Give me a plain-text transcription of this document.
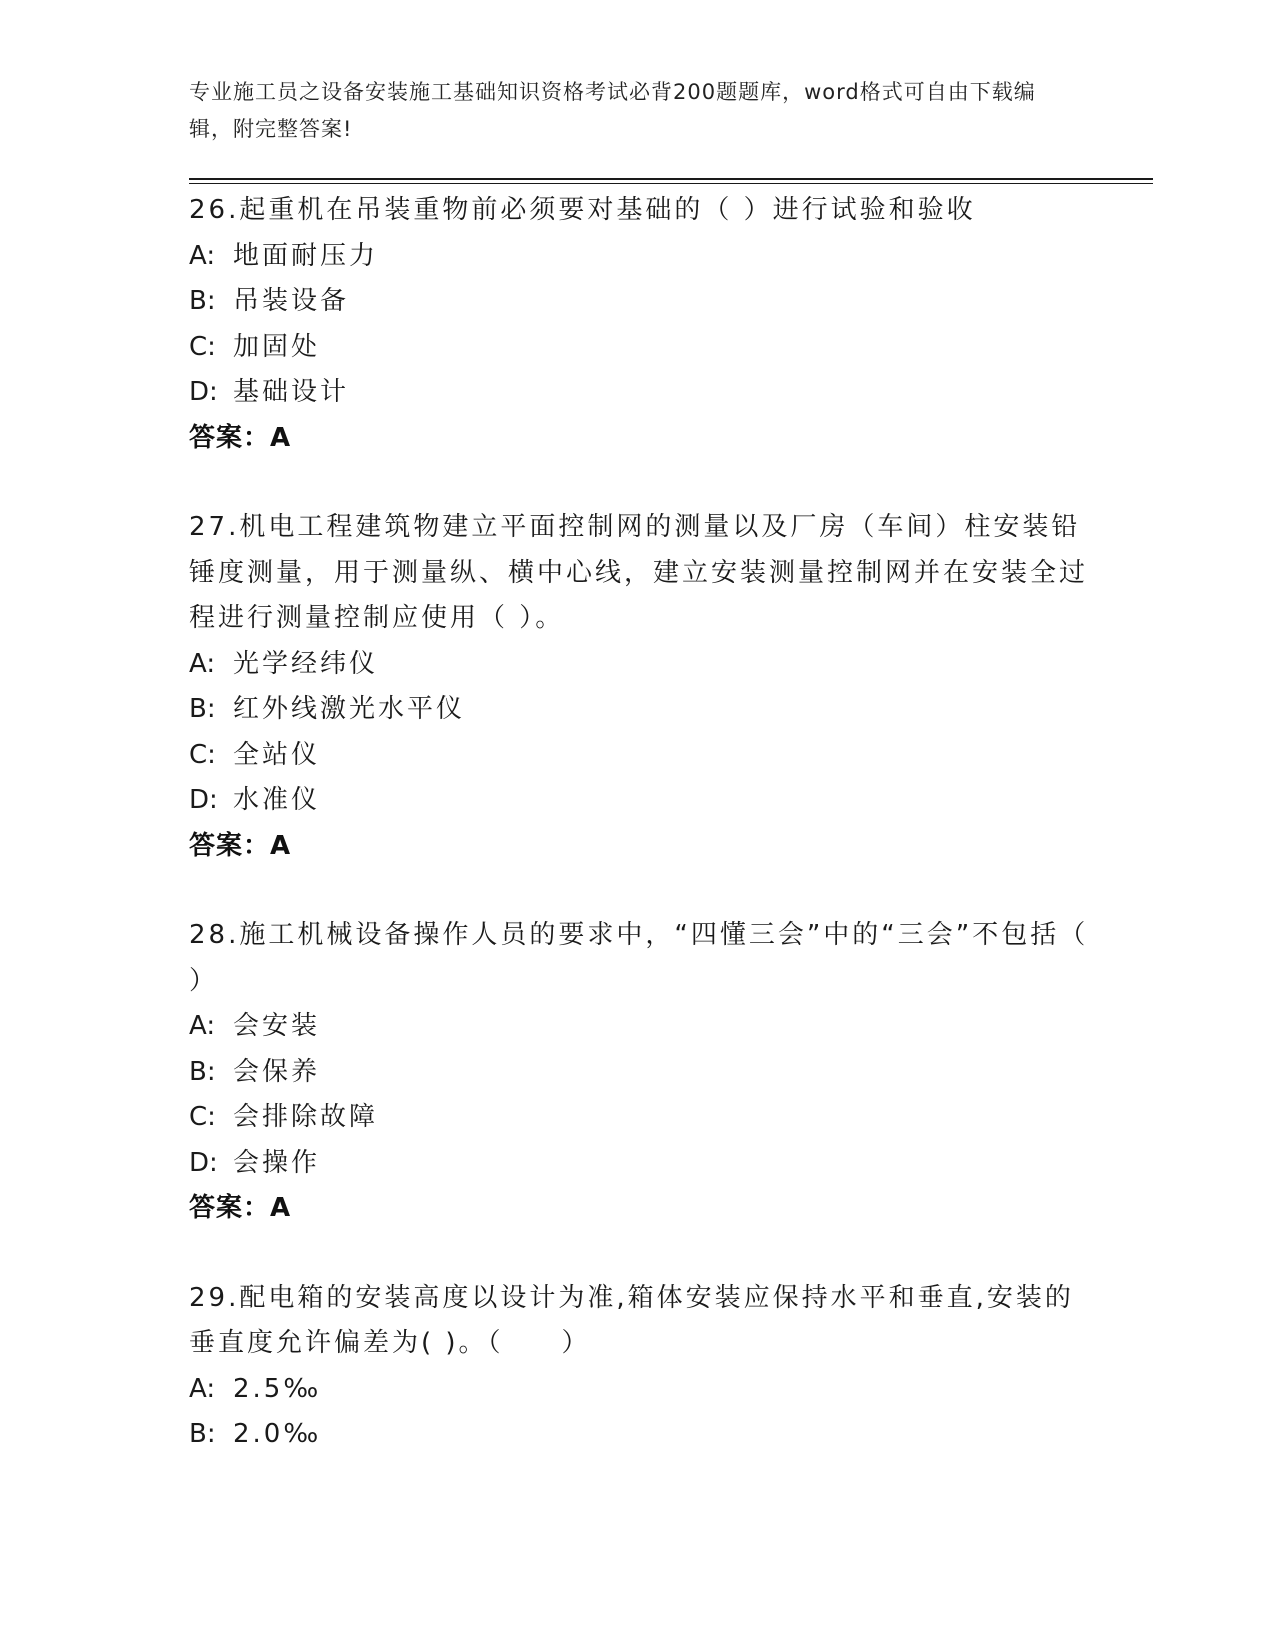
专业施工员之设备安装施工基础知识资格考试必背200题题库，word格式可自由下载编辑，附完整答案!
26.起重机在吊装重物前必须要对基础的（ ）进行试验和验收
A: 地面耐压力
B: 吊装设备
C: 加固处
D: 基础设计
答案：A
27.机电工程建筑物建立平面控制网的测量以及厂房（车间）柱安装铅锤度测量，用于测量纵、横中心线，建立安装测量控制网并在安装全过程进行测量控制应使用（ ）。
A: 光学经纬仪
B: 红外线激光水平仪
C: 全站仪
D: 水准仪
答案：A
28.施工机械设备操作人员的要求中，“四懂三会”中的“三会”不包括（ ）
A: 会安装
B: 会保养
C: 会排除故障
D: 会操作
答案：A
29.配电箱的安装高度以设计为准,箱体安装应保持水平和垂直,安装的垂直度允许偏差为( )。（　　）
A: 2.5‰
B: 2.0‰
